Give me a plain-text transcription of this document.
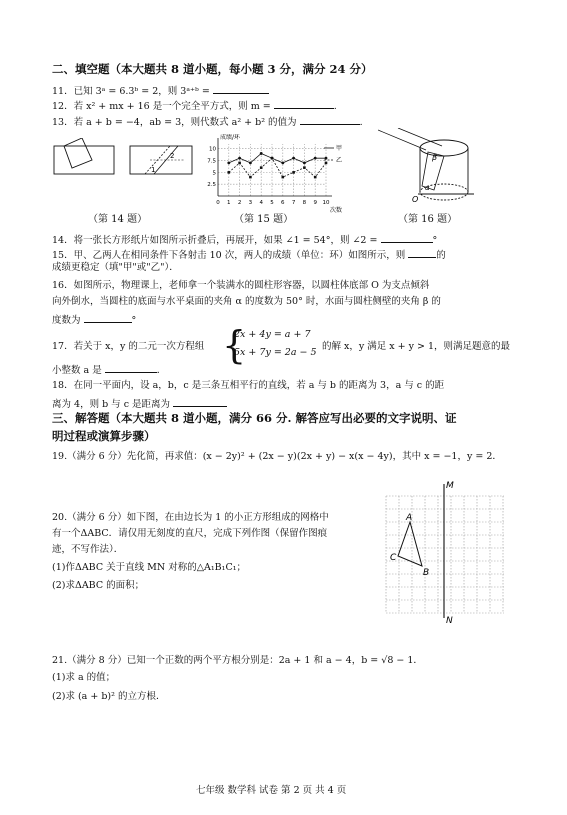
二、填空题（本大题共 8 道小题，每小题 3 分，满分 24 分）
11．已知 3ᵃ = 6.3ᵇ = 2，则 3ᵃ⁺ᵇ =
12．若 x² + mx + 16 是一个完全平方式，则 m =	.
13．若 a + b = −4，ab = 3，则代数式 a² + b² 的值为	.
2
1
成绩/环
次数
2.5
5
7.5
10
0 1 2 3 4 5 6 7 8 9 10
甲
乙	β
α
O
（第 14 题）	（第 15 题）	（第 16 题）
14．将一张长方形纸片如图所示折叠后，再展开，如果 ∠1 = 54°，则 ∠2 =	°
15．甲、乙两人在相同条件下各射击 10 次，两人的成绩（单位：环）如图所示，则	的
成绩更稳定（填"甲"或"乙"）．
16．如图所示，物理课上，老师拿一个装满水的圆柱形容器，以圆柱体底部 O 为支点倾斜
向外倒水，当圆柱的底面与水平桌面的夹角 α 的度数为 50° 时，水面与圆柱侧壁的夹角 β 的
度数为	°
17．若关于 x，y 的二元一次方程组 {
2x + 4y = a + 7
5x + 7y = 2a − 5
的解 x，y 满足 x + y > 1，则满足题意的最
小整数 a 是	．
18．在同一平面内，设 a，b，c 是三条互相平行的直线，若 a 与 b 的距离为 3，a 与 c 的距
离为 4，则 b 与 c 是距离为
三、解答题（本大题共 8 道小题，满分 66 分. 解答应写出必要的文字说明、证
明过程或演算步骤）
19.（满分 6 分）先化简，再求值：(x − 2y)² + (2x − y)(2x + y) − x(x − 4y)，其中 x = −1，y = 2．
20.（满分 6 分）如下图，在由边长为 1 的小正方形组成的网格中
有一个ΔABC．请仅用无刻度的直尺，完成下列作图（保留作图痕
迹，不写作法）．
(1)作ΔABC 关于直线 MN 对称的△A₁B₁C₁；
(2)求ΔABC 的面积；
M
N
A
B
C
21.（满分 8 分）已知一个正数的两个平方根分别是：2a + 1 和 a − 4，b = √8 − 1．
(1)求 a 的值；
(2)求 (a + b)² 的立方根．
七年级 数学科 试卷 第 2 页 共 4 页
